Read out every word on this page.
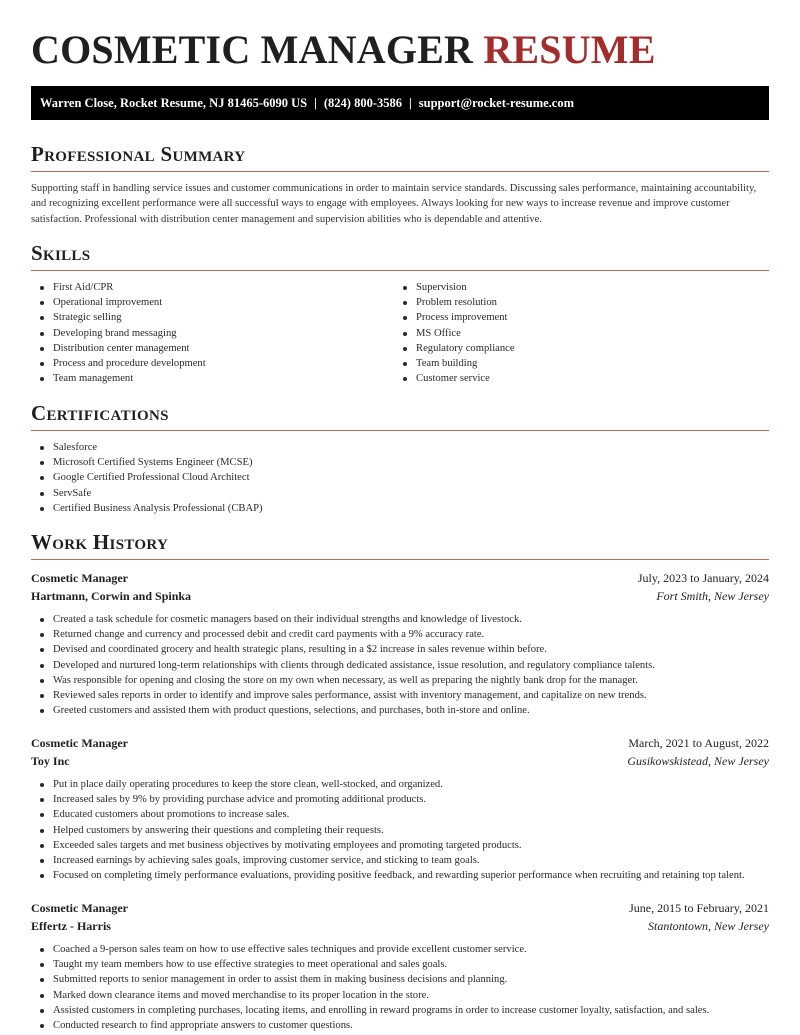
COSMETIC MANAGER RESUME
Warren Close, Rocket Resume, NJ 81465-6090 US | (824) 800-3586 | support@rocket-resume.com
Professional Summary

Supporting staff in handling service issues and customer communications in order to maintain service standards. Discussing sales performance, maintaining accountability, and recognizing excellent performance were all successful ways to engage with employees. Always looking for new ways to increase revenue and improve customer satisfaction. Professional with distribution center management and supervision abilities who is dependable and attentive.

Skills
First Aid/CPR
Operational improvement
Strategic selling
Developing brand messaging
Distribution center management
Process and procedure development
Team management
Supervision
Problem resolution
Process improvement
MS Office
Regulatory compliance
Team building
Customer service
Certifications
Salesforce
Microsoft Certified Systems Engineer (MCSE)
Google Certified Professional Cloud Architect
ServSafe
Certified Business Analysis Professional (CBAP)
Work History
Cosmetic Manager	July, 2023 to January, 2024
Hartmann, Corwin and Spinka	Fort Smith, New Jersey
Created a task schedule for cosmetic managers based on their individual strengths and knowledge of livestock.
Returned change and currency and processed debit and credit card payments with a 9% accuracy rate.
Devised and coordinated grocery and health strategic plans, resulting in a $2 increase in sales revenue within before.
Developed and nurtured long-term relationships with clients through dedicated assistance, issue resolution, and regulatory compliance talents.
Was responsible for opening and closing the store on my own when necessary, as well as preparing the nightly bank drop for the manager.
Reviewed sales reports in order to identify and improve sales performance, assist with inventory management, and capitalize on new trends.
Greeted customers and assisted them with product questions, selections, and purchases, both in-store and online.
Cosmetic Manager	March, 2021 to August, 2022
Toy Inc	Gusikowskistead, New Jersey
Put in place daily operating procedures to keep the store clean, well-stocked, and organized.
Increased sales by 9% by providing purchase advice and promoting additional products.
Educated customers about promotions to increase sales.
Helped customers by answering their questions and completing their requests.
Exceeded sales targets and met business objectives by motivating employees and promoting targeted products.
Increased earnings by achieving sales goals, improving customer service, and sticking to team goals.
Focused on completing timely performance evaluations, providing positive feedback, and rewarding superior performance when recruiting and retaining top talent.
Cosmetic Manager	June, 2015 to February, 2021
Effertz - Harris	Stantontown, New Jersey
Coached a 9-person sales team on how to use effective sales techniques and provide excellent customer service.
Taught my team members how to use effective strategies to meet operational and sales goals.
Submitted reports to senior management in order to assist them in making business decisions and planning.
Marked down clearance items and moved merchandise to its proper location in the store.
Assisted customers in completing purchases, locating items, and enrolling in reward programs in order to increase customer loyalty, satisfaction, and sales.
Conducted research to find appropriate answers to customer questions.
